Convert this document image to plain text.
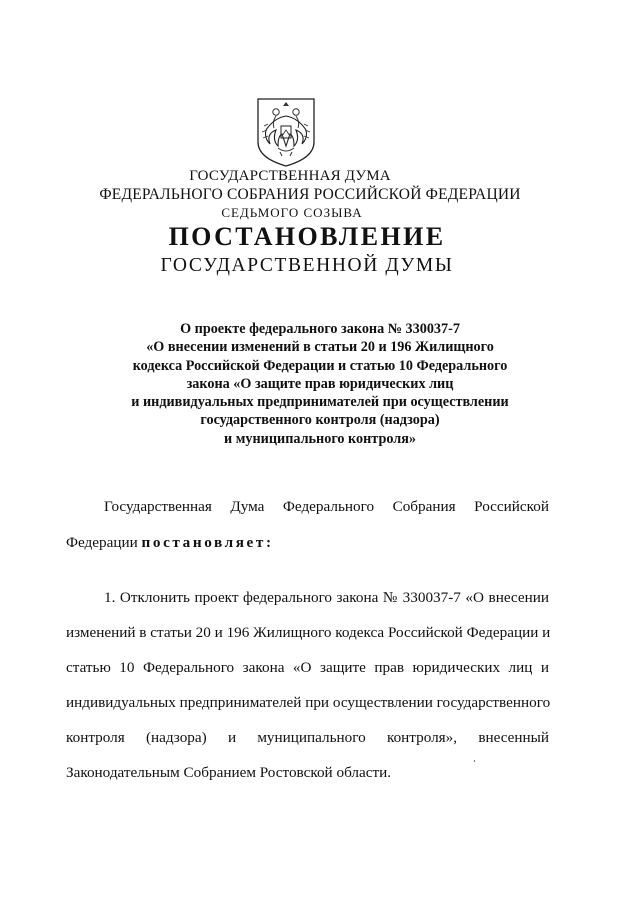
ГОСУДАРСТВЕННАЯ ДУМА
ФЕДЕРАЛЬНОГО СОБРАНИЯ РОССИЙСКОЙ ФЕДЕРАЦИИ
СЕДЬМОГО СОЗЫВА
ПОСТАНОВЛЕНИЕ
ГОСУДАРСТВЕННОЙ ДУМЫ
О проекте федерального закона № 330037-7
«О внесении изменений в статьи 20 и 196 Жилищного
кодекса Российской Федерации и статью 10 Федерального
закона «О защите прав юридических лиц
и индивидуальных предпринимателей при осуществлении
государственного контроля (надзора)
и муниципального контроля»
Государственная Дума Федерального Собрания Российской
Федерации постановляет:
1. Отклонить проект федерального закона № 330037-7 «О внесении
изменений в статьи 20 и 196 Жилищного кодекса Российской Федерации и
статью 10 Федерального закона «О защите прав юридических лиц и
индивидуальных предпринимателей при осуществлении государственного
контроля (надзора) и муниципального контроля», внесенный
Законодательным Собранием Ростовской области.
